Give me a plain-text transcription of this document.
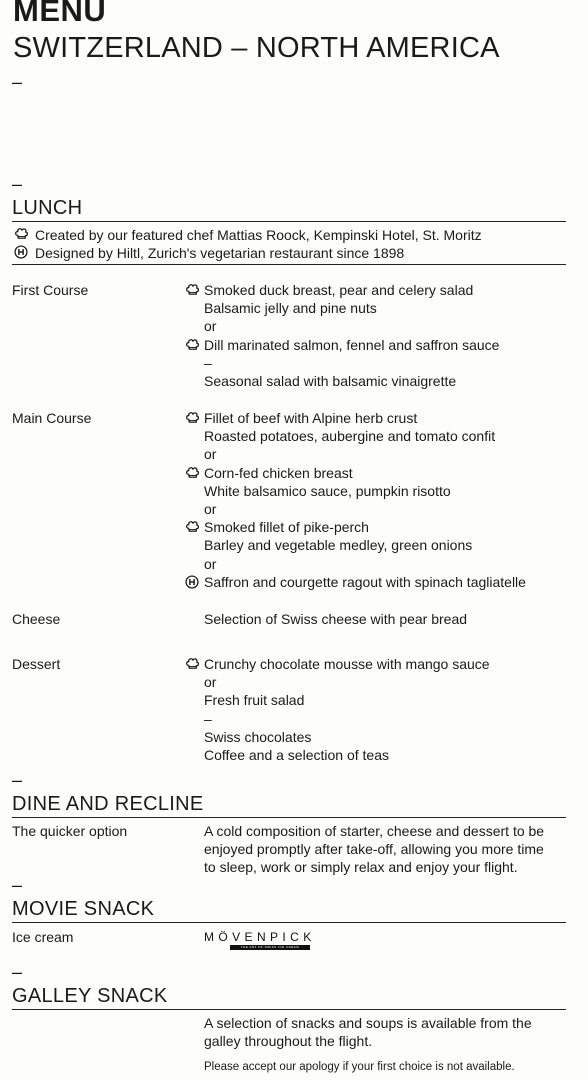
MENU
SWITZERLAND – NORTH AMERICA
–
–
LUNCH
Created by our featured chef Mattias Roock, Kempinski Hotel, St. Moritz
Designed by Hiltl, Zurich's vegetarian restaurant since 1898
First Course	Smoked duck breast, pear and celery salad
Balsamic jelly and pine nuts
or
Dill marinated salmon, fennel and saffron sauce
–
Seasonal salad with balsamic vinaigrette
Main Course	Fillet of beef with Alpine herb crust
Roasted potatoes, aubergine and tomato confit
or
Corn-fed chicken breast
White balsamico sauce, pumpkin risotto
or
Smoked fillet of pike-perch
Barley and vegetable medley, green onions
or
Saffron and courgette ragout with spinach tagliatelle
Cheese	Selection of Swiss cheese with pear bread
Dessert	Crunchy chocolate mousse with mango sauce
or
Fresh fruit salad
–
Swiss chocolates
Coffee and a selection of teas
–
DINE AND RECLINE
The quicker option	A cold composition of starter, cheese and dessert to be
enjoyed promptly after take-off, allowing you more time
to sleep, work or simply relax and enjoy your flight.
–
MOVIE SNACK
Ice cream	MÖVENPICK
THE ART OF SWISS ICE CREAM
–
GALLEY SNACK
A selection of snacks and soups is available from the
galley throughout the flight.
Please accept our apology if your first choice is not available.
